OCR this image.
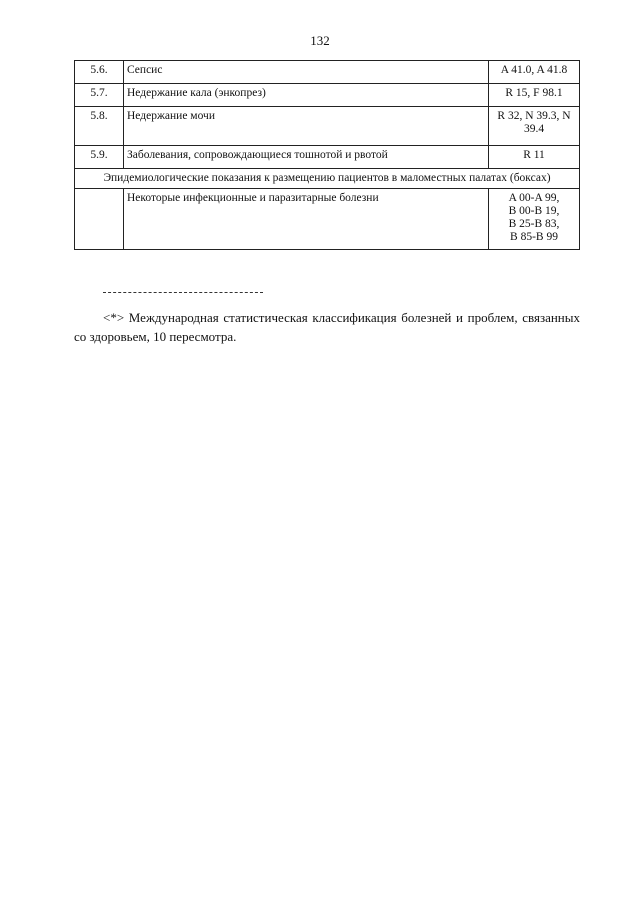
132
5.6.	Сепсис	A 41.0, A 41.8
5.7.	Недержание кала (энкопрез)	R 15, F 98.1
5.8.	Недержание мочи	R 32, N 39.3, N 39.4
5.9.	Заболевания, сопровождающиеся тошнотой и рвотой	R 11
Эпидемиологические показания к размещению пациентов в маломестных палатах (боксах)		
	Некоторые инфекционные и паразитарные болезни	A 00-A 99,
B 00-B 19,
B 25-B 83,
B 85-B 99
<*> Международная статистическая классификация болезней и проблем, связанных со здоровьем, 10 пересмотра.
